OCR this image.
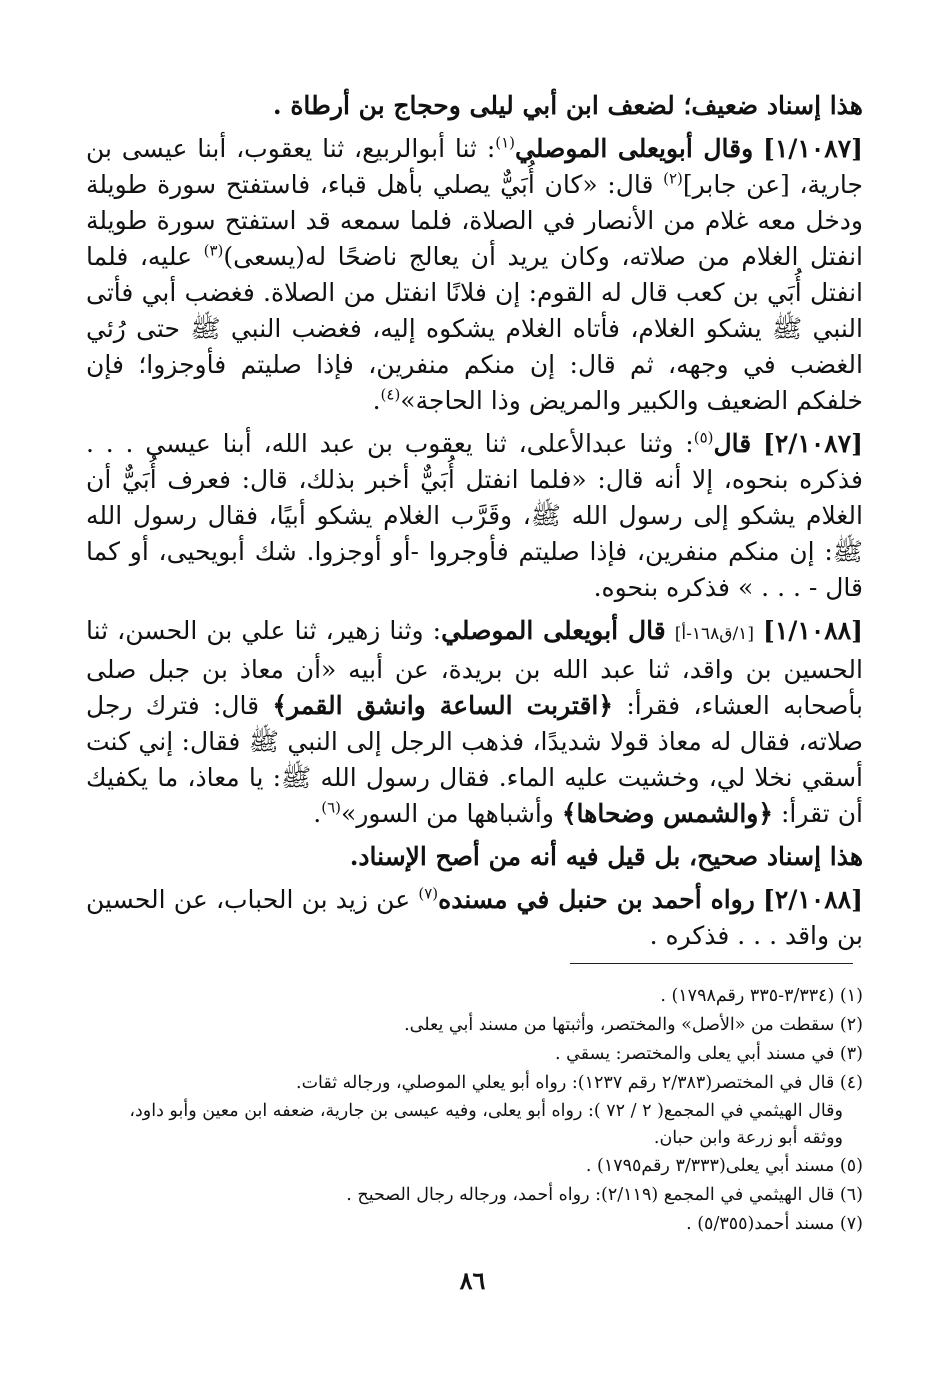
هذا إسناد ضعيف؛ لضعف ابن أبي ليلى وحجاج بن أرطاة .

[١/١٠٨٧] وقال أبويعلى الموصلي$^{(١)}$: ثنا أبوالربيع، ثنا يعقوب، أبنا عيسى بن جارية، [عن جابر]$^{(٢)}$ قال: «كان أُبَيٌّ يصلي بأهل قباء، فاستفتح سورة طويلة ودخل معه غلام من الأنصار في الصلاة، فلما سمعه قد استفتح سورة طويلة انفتل الغلام من صلاته، وكان يريد أن يعالج ناضحًا له(يسعى)$^{(٣)}$ عليه، فلما انفتل أُبَي بن كعب قال له القوم: إن فلانًا انفتل من الصلاة. فغضب أبي فأتى النبي ﷺ يشكو الغلام، فأتاه الغلام يشكوه إليه، فغضب النبي ﷺ حتى رُئي الغضب في وجهه، ثم قال: إن منكم منفرين، فإذا صليتم فأوجزوا؛ فإن خلفكم الضعيف والكبير والمريض وذا الحاجة»$^{(٤)}$.

[٢/١٠٨٧] قال$^{(٥)}$: وثنا عبدالأعلى، ثنا يعقوب بن عبد الله، أبنا عيسى . . . فذكره بنحوه، إلا أنه قال: «فلما انفتل أُبَيٌّ أخبر بذلك، قال: فعرف أُبَيٌّ أن الغلام يشكو إلى رسول الله ﷺ، وقَرَّب الغلام يشكو أبيًا، فقال رسول الله ﷺ: إن منكم منفرين، فإذا صليتم فأوجروا -أو أوجزوا. شك أبويحيى، أو كما قال - . . . » فذكره بنحوه.

[١/١٠٨٨] [١/ق١٦٨-أ] قال أبويعلى الموصلي: وثنا زهير، ثنا علي بن الحسن، ثنا الحسين بن واقد، ثنا عبد الله بن بريدة، عن أبيه «أن معاذ بن جبل صلى بأصحابه العشاء، فقرأ: ﴿اقتربت الساعة وانشق القمر﴾ قال: فترك رجل صلاته، فقال له معاذ قولا شديدًا، فذهب الرجل إلى النبي ﷺ فقال: إني كنت أسقي نخلا لي، وخشيت عليه الماء. فقال رسول الله ﷺ: يا معاذ، ما يكفيك أن تقرأ: ﴿والشمس وضحاها﴾ وأشباهها من السور»$^{(٦)}$.

هذا إسناد صحيح، بل قيل فيه أنه من أصح الإسناد.

[٢/١٠٨٨] رواه أحمد بن حنبل في مسنده$^{(٧)}$ عن زيد بن الحباب، عن الحسين بن واقد . . . فذكره .

(١) (٣/٣٣٤-٣٣٥ رقم١٧٩٨) .

(٢) سقطت من «الأصل» والمختصر، وأثبتها من مسند أبي يعلى.

(٣) في مسند أبي يعلى والمختصر: يسقي .

(٤) قال في المختصر(٢/٣٨٣ رقم ١٢٣٧): رواه أبو يعلي الموصلي، ورجاله ثقات.

وقال الهيثمي في المجمع( ٢ / ٧٢ ): رواه أبو يعلى، وفيه عيسى بن جارية، ضعفه ابن معين وأبو داود، ووثقه أبو زرعة وابن حبان.

(٥) مسند أبي يعلى(٣/٣٣٣ رقم١٧٩٥) .

(٦) قال الهيثمي في المجمع (٢/١١٩): رواه أحمد، ورجاله رجال الصحيح .

(٧) مسند أحمد(٥/٣٥٥) .

٨٦
